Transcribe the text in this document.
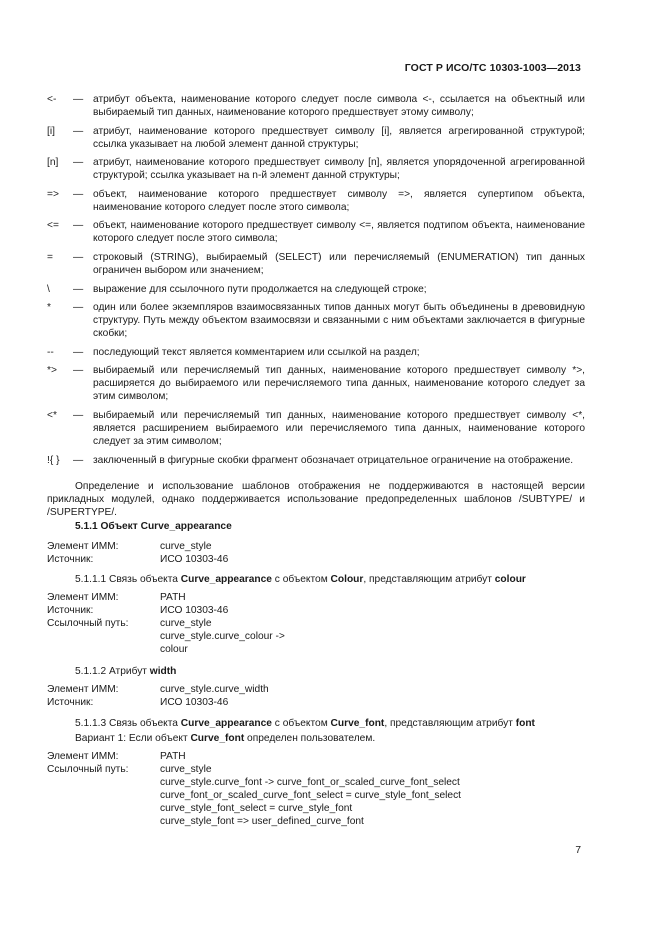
ГОСТ Р ИСО/ТС 10303-1003—2013
<-	— атрибут объекта, наименование которого следует после символа <-, ссылается на объектный или выбираемый тип данных, наименование которого предшествует этому символу;
[i]	— атрибут, наименование которого предшествует символу [i], является агрегированной структурой; ссылка указывает на любой элемент данной структуры;
[n]	— атрибут, наименование которого предшествует символу [n], является упорядоченной агрегированной структурой; ссылка указывает на n-й элемент данной структуры;
=>	— объект, наименование которого предшествует символу =>, является супертипом объекта, наименование которого следует после этого символа;
<=	— объект, наименование которого предшествует символу <=, является подтипом объекта, наименование которого следует после этого символа;
=	— строковый (STRING), выбираемый (SELECT) или перечисляемый (ENUMERATION) тип данных ограничен выбором или значением;
\	— выражение для ссылочного пути продолжается на следующей строке;
*	— один или более экземпляров взаимосвязанных типов данных могут быть объединены в древовидную структуру. Путь между объектом взаимосвязи и связанными с ним объектами заключается в фигурные скобки;
--	— последующий текст является комментарием или ссылкой на раздел;
*>	— выбираемый или перечисляемый тип данных, наименование которого предшествует символу *>, расширяется до выбираемого или перечисляемого типа данных, наименование которого следует за этим символом;
<*	— выбираемый или перечисляемый тип данных, наименование которого предшествует символу <*, является расширением выбираемого или перечисляемого типа данных, наименование которого следует за этим символом;
!{ }	— заключенный в фигурные скобки фрагмент обозначает отрицательное ограничение на отображение.
Определение и использование шаблонов отображения не поддерживаются в настоящей версии прикладных модулей, однако поддерживается использование предопределенных шаблонов /SUBTYPE/ и /SUPERTYPE/.
5.1.1 Объект Curve_appearance
Элемент ИММ:	curve_style
Источник:	ИСО 10303-46
5.1.1.1 Связь объекта Curve_appearance с объектом Colour, представляющим атрибут colour
Элемент ИММ:	PATH
Источник:	ИСО 10303-46
Ссылочный путь:	curve_style
curve_style.curve_colour ->
colour
5.1.1.2 Атрибут width
Элемент ИММ:	curve_style.curve_width
Источник:	ИСО 10303-46
5.1.1.3 Связь объекта Curve_appearance с объектом Curve_font, представляющим атрибут font
Вариант 1: Если объект Curve_font определен пользователем.
Элемент ИММ:	PATH
Ссылочный путь:	curve_style
curve_style.curve_font -> curve_font_or_scaled_curve_font_select
curve_font_or_scaled_curve_font_select = curve_style_font_select
curve_style_font_select = curve_style_font
curve_style_font => user_defined_curve_font
7
